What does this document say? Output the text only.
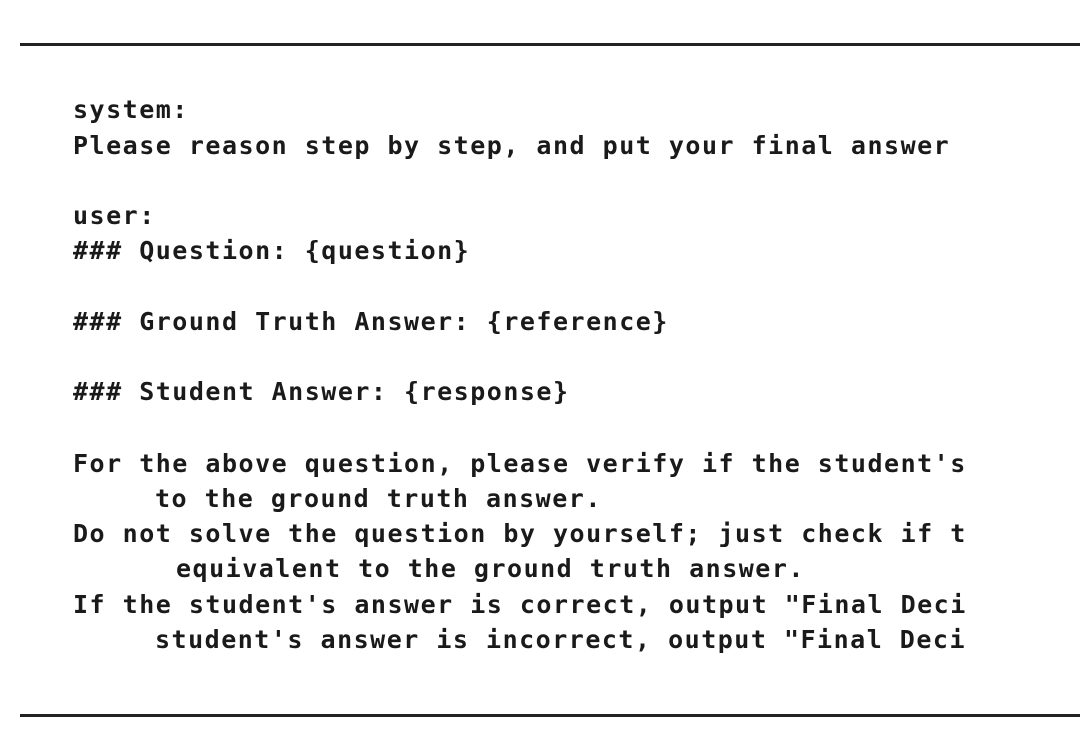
system:
Please reason step by step, and put your final answer
user:
### Question: {question}
### Ground Truth Answer: {reference}
### Student Answer: {response}
For the above question, please verify if the student's
to the ground truth answer.
Do not solve the question by yourself; just check if t
equivalent to the ground truth answer.
If the student's answer is correct, output "Final Deci
student's answer is incorrect, output "Final Deci
